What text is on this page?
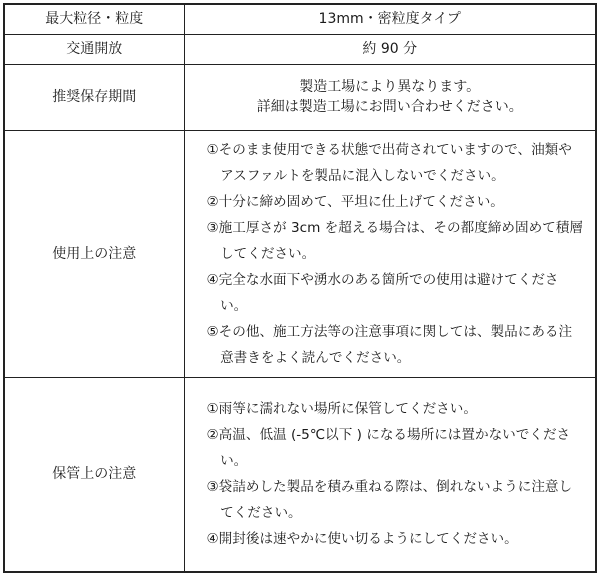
最大粒径・粒度	13mm・密粒度タイプ

交通開放	約 90 分

推奨保存期間	製造工場により異なります。
詳細は製造工場にお問い合わせください。

使用上の注意	①そのまま使用できる状態で出荷されていますので、油類やアスファルトを製品に混入しないでください。
②十分に締め固めて、平坦に仕上げてください。
③施工厚さが 3cm を超える場合は、その都度締め固めて積層してください。
④完全な水面下や湧水のある箇所での使用は避けてください。
⑤その他、施工方法等の注意事項に関しては、製品にある注意書きをよく読んでください。

保管上の注意	①雨等に濡れない場所に保管してください。
②高温、低温 (-5℃以下 ) になる場所には置かないでください。
③袋詰めした製品を積み重ねる際は、倒れないように注意してください。
④開封後は速やかに使い切るようにしてください。
